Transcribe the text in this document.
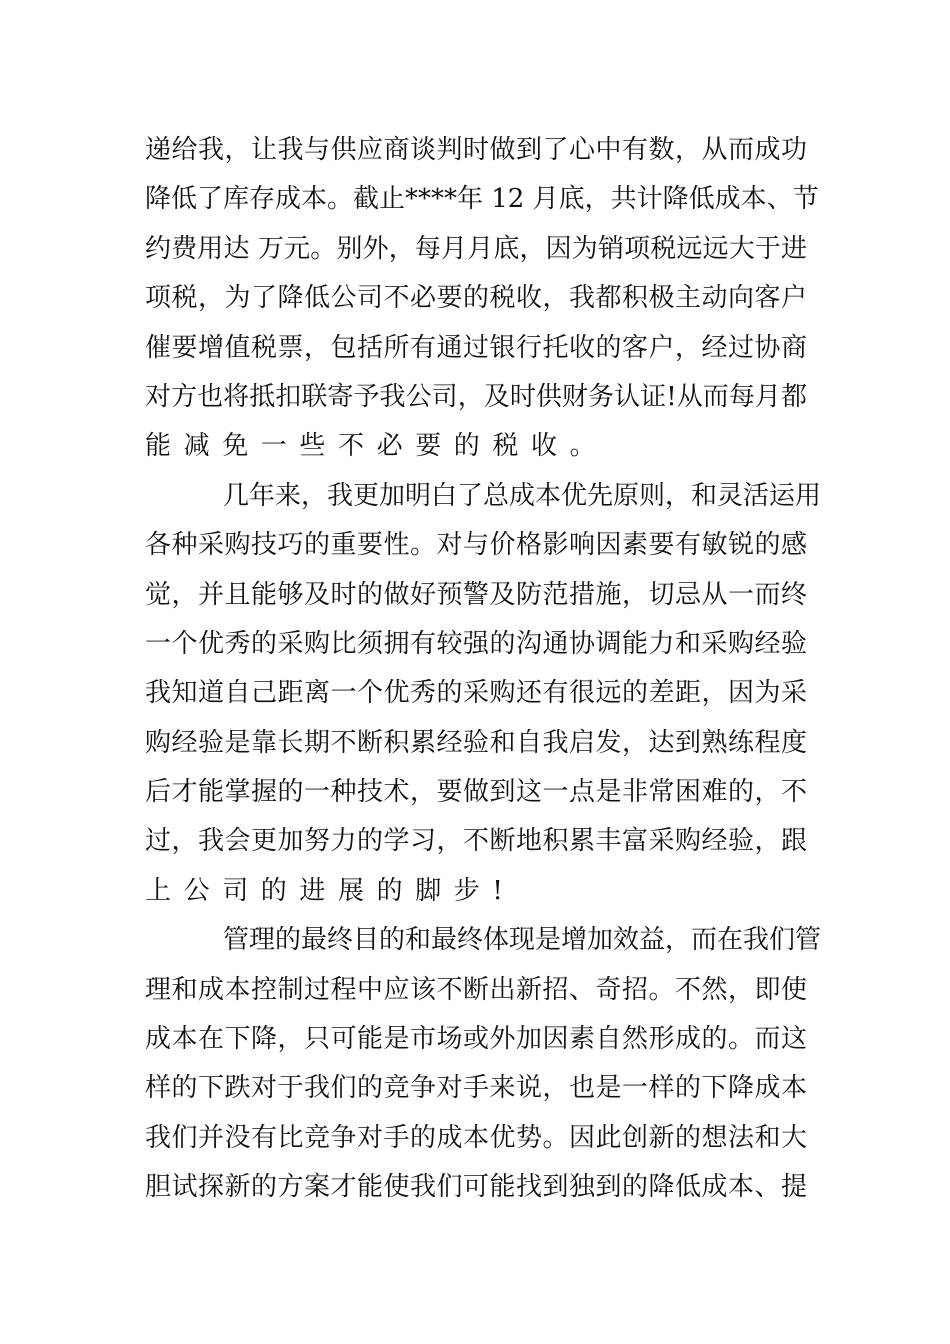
递给我，让我与供应商谈判时做到了心中有数，从而成功
降低了库存成本。截止****年 12 月底，共计降低成本、节
约费用达 万元。别外，每月月底，因为销项税远远大于进
项税，为了降低公司不必要的税收，我都积极主动向客户
催要增值税票，包括所有通过银行托收的客户，经过协商
对方也将抵扣联寄予我公司，及时供财务认证!从而每月都
能减免一些不必要的税收。
几年来，我更加明白了总成本优先原则，和灵活运用
各种采购技巧的重要性。对与价格影响因素要有敏锐的感
觉，并且能够及时的做好预警及防范措施，切忌从一而终
一个优秀的采购比须拥有较强的沟通协调能力和采购经验
我知道自己距离一个优秀的采购还有很远的差距，因为采
购经验是靠长期不断积累经验和自我启发，达到熟练程度
后才能掌握的一种技术，要做到这一点是非常困难的，不
过，我会更加努力的学习，不断地积累丰富采购经验，跟
上公司的进展的脚步!
管理的最终目的和最终体现是增加效益，而在我们管
理和成本控制过程中应该不断出新招、奇招。不然，即使
成本在下降，只可能是市场或外加因素自然形成的。而这
样的下跌对于我们的竞争对手来说，也是一样的下降成本
我们并没有比竞争对手的成本优势。因此创新的想法和大
胆试探新的方案才能使我们可能找到独到的降低成本、提
